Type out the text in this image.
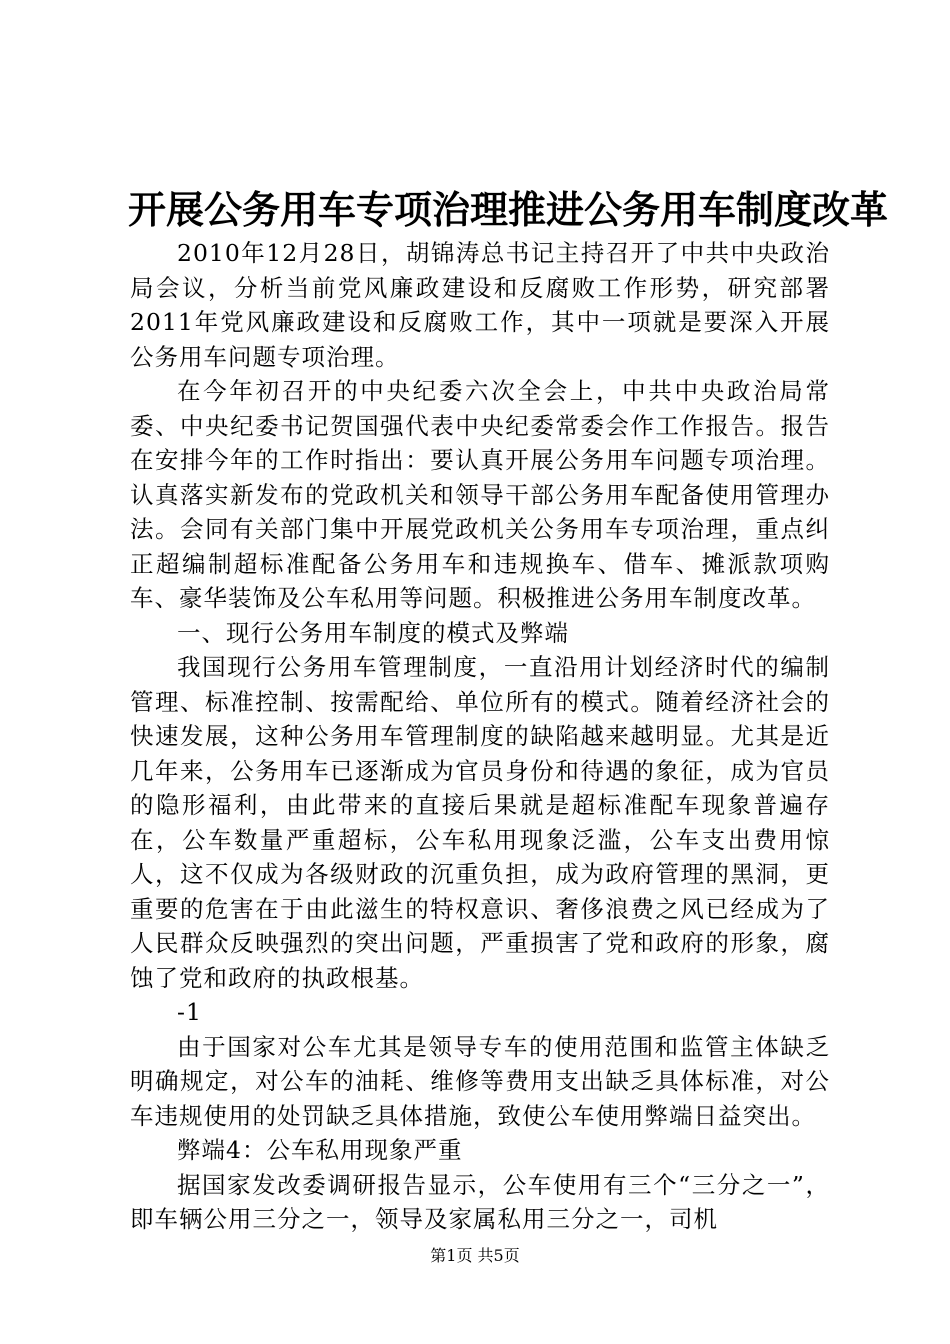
开展公务用车专项治理推进公务用车制度改革

2010年12月28日，胡锦涛总书记主持召开了中共中央政治局会议，分析当前党风廉政建设和反腐败工作形势，研究部署2011年党风廉政建设和反腐败工作，其中一项就是要深入开展公务用车问题专项治理。

在今年初召开的中央纪委六次全会上，中共中央政治局常委、中央纪委书记贺国强代表中央纪委常委会作工作报告。报告在安排今年的工作时指出：要认真开展公务用车问题专项治理。认真落实新发布的党政机关和领导干部公务用车配备使用管理办法。会同有关部门集中开展党政机关公务用车专项治理，重点纠正超编制超标准配备公务用车和违规换车、借车、摊派款项购车、豪华装饰及公车私用等问题。积极推进公务用车制度改革。

一、现行公务用车制度的模式及弊端

我国现行公务用车管理制度，一直沿用计划经济时代的编制管理、标准控制、按需配给、单位所有的模式。随着经济社会的快速发展，这种公务用车管理制度的缺陷越来越明显。尤其是近几年来，公务用车已逐渐成为官员身份和待遇的象征，成为官员的隐形福利，由此带来的直接后果就是超标准配车现象普遍存在，公车数量严重超标，公车私用现象泛滥，公车支出费用惊人，这不仅成为各级财政的沉重负担，成为政府管理的黑洞，更重要的危害在于由此滋生的特权意识、奢侈浪费之风已经成为了人民群众反映强烈的突出问题，严重损害了党和政府的形象，腐蚀了党和政府的执政根基。

-1

由于国家对公车尤其是领导专车的使用范围和监管主体缺乏明确规定，对公车的油耗、维修等费用支出缺乏具体标准，对公车违规使用的处罚缺乏具体措施，致使公车使用弊端日益突出。

弊端4：公车私用现象严重

据国家发改委调研报告显示，公车使用有三个“三分之一”，即车辆公用三分之一，领导及家属私用三分之一，司机

第1页 共5页
